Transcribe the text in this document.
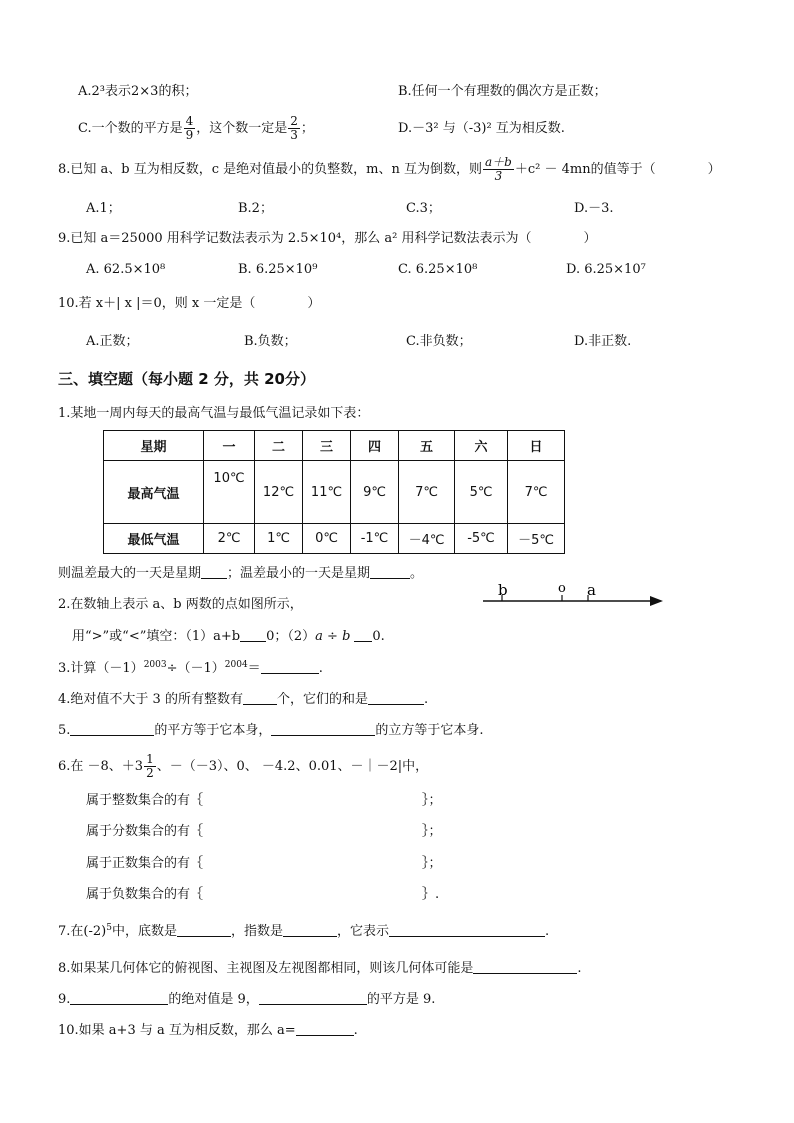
A.2³表示2×3的积；	B.任何一个有理数的偶次方是正数；
C.一个数的平方是 $\frac{4}{9}$ ，这个数一定是 $\frac{2}{3}$ ；	D.－3² 与（-3)² 互为相反数.
8.已知 a、b 互为相反数，c 是绝对值最小的负整数，m、n 互为倒数，则 $\frac{a+b}{3} +c^2 - 4mn$的值等于（　　　　）
A.1；	B.2；	C.3；	D.－3.
9.已知 a＝25000 用科学记数法表示为 2.5×10⁴，那么 a² 用科学记数法表示为（　　　　）
A. 62.5×10⁸	B. 6.25×10⁹	C. 6.25×10⁸	D. 6.25×10⁷
10.若 x＋| x |＝0，则 x 一定是（　　　　）
A.正数；	B.负数；	C.非负数；	D.非正数.
三、填空题（每小题 2 分，共 20分）
1.某地一周内每天的最高气温与最低气温记录如下表：
星期	一	二	三	四	五	六	日
最高气温	10℃	12℃	11℃	9℃	7℃	5℃	7℃
最低气温	2℃	1℃	0℃	-1℃	－4℃	-5℃	－5℃
则温差最大的一天是星期 ；温差最小的一天是星期	。
b	o a
2.在数轴上表示 a、b 两数的点如图所示，
用“>”或“<”填空：（1）a+b 0；（2）a ÷ b 0.
3.计算$(-1)^{2003}\div(-1)^{2004}=$	.
4.绝对值不大于 3 的所有整数有	个，它们的和是	.
5.	的平方等于它本身，	的立方等于它本身.
6.在 －8、$+3 \frac{1}{2}$ 、－（－3）、0、 －4.2、0.01、－｜－2|中，
属于整数集合的有｛	｝；
属于分数集合的有｛	｝；
属于正数集合的有｛	｝；
属于负数集合的有｛	｝.
7.在$(-2)^5$中，底数是	，指数是	，它表示	.
8.如果某几何体它的俯视图、主视图及左视图都相同，则该几何体可能是	.
9.	的绝对值是 9，	的平方是 9.
10.如果 a+3 与 a 互为相反数，那么 a=	.
